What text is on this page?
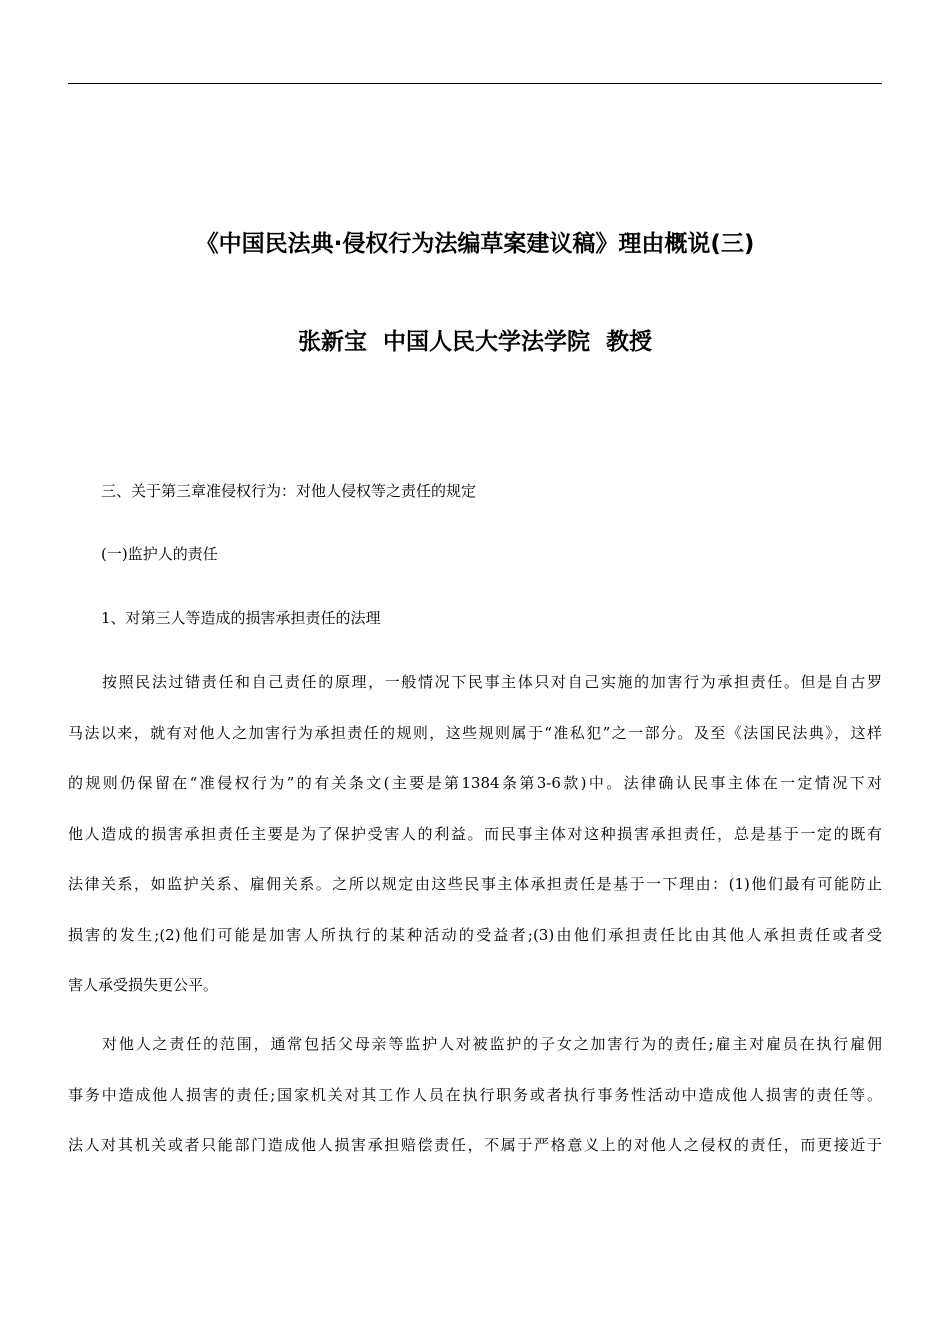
《中国民法典·侵权行为法编草案建议稿》理由概说(三)
张新宝  中国人民大学法学院  教授
三、关于第三章准侵权行为：对他人侵权等之责任的规定
(一)监护人的责任
1、对第三人等造成的损害承担责任的法理
按照民法过错责任和自己责任的原理，一般情况下民事主体只对自己实施的加害行为承担责任。但是自古罗
马法以来，就有对他人之加害行为承担责任的规则，这些规则属于“准私犯”之一部分。及至《法国民法典》，这样
的规则仍保留在“准侵权行为”的有关条文(主要是第1384条第3-6款)中。法律确认民事主体在一定情况下对
他人造成的损害承担责任主要是为了保护受害人的利益。而民事主体对这种损害承担责任，总是基于一定的既有
法律关系，如监护关系、雇佣关系。之所以规定由这些民事主体承担责任是基于一下理由：(1)他们最有可能防止
损害的发生;(2)他们可能是加害人所执行的某种活动的受益者;(3)由他们承担责任比由其他人承担责任或者受
害人承受损失更公平。
对他人之责任的范围，通常包括父母亲等监护人对被监护的子女之加害行为的责任;雇主对雇员在执行雇佣
事务中造成他人损害的责任;国家机关对其工作人员在执行职务或者执行事务性活动中造成他人损害的责任等。
法人对其机关或者只能部门造成他人损害承担赔偿责任，不属于严格意义上的对他人之侵权的责任，而更接近于
